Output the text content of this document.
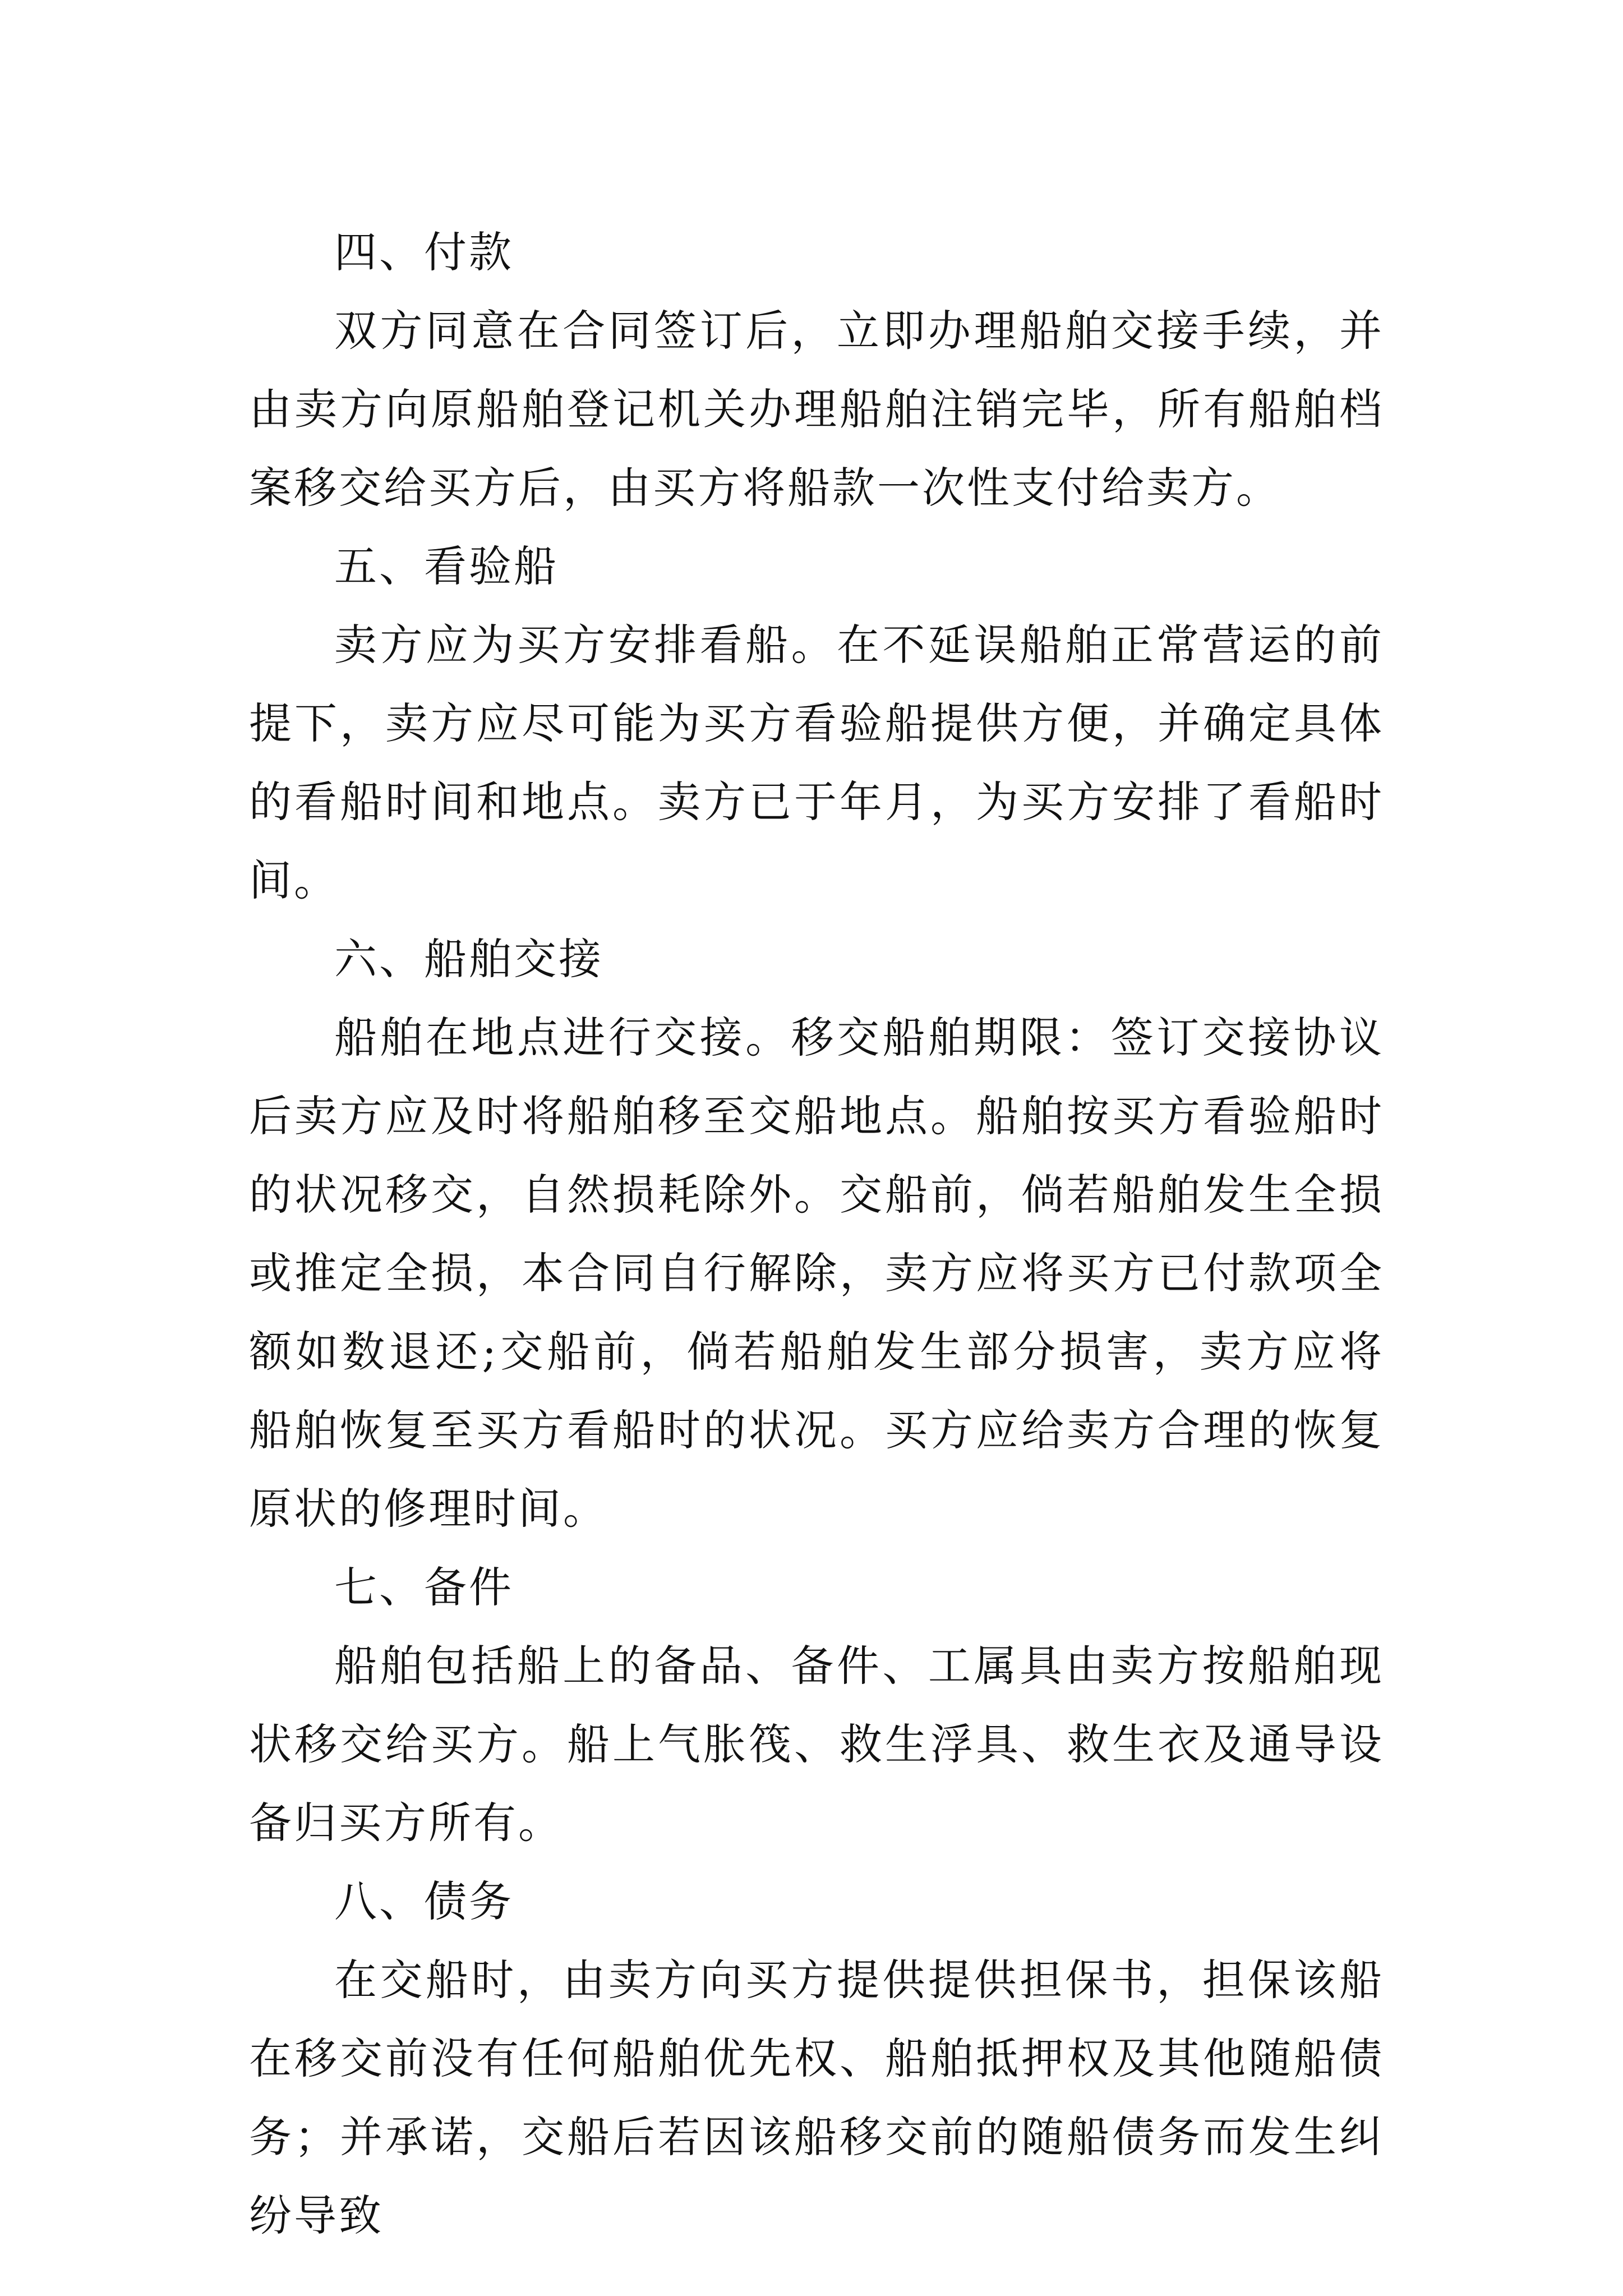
四、付款

双方同意在合同签订后，立即办理船舶交接手续，并由卖方向原船舶登记机关办理船舶注销完毕，所有船舶档案移交给买方后，由买方将船款一次性支付给卖方。

五、看验船

卖方应为买方安排看船。在不延误船舶正常营运的前提下，卖方应尽可能为买方看验船提供方便，并确定具体的看船时间和地点。卖方已于年月，为买方安排了看船时间。

六、船舶交接

船舶在地点进行交接。移交船舶期限：签订交接协议后卖方应及时将船舶移至交船地点。船舶按买方看验船时的状况移交，自然损耗除外。交船前，倘若船舶发生全损或推定全损，本合同自行解除，卖方应将买方已付款项全额如数退还;交船前，倘若船舶发生部分损害，卖方应将船舶恢复至买方看船时的状况。买方应给卖方合理的恢复原状的修理时间。

七、备件

船舶包括船上的备品、备件、工属具由卖方按船舶现状移交给买方。船上气胀筏、救生浮具、救生衣及通导设备归买方所有。

八、债务

在交船时，由卖方向买方提供提供担保书，担保该船在移交前没有任何船舶优先权、船舶抵押权及其他随船债务；并承诺，交船后若因该船移交前的随船债务而发生纠纷导致
